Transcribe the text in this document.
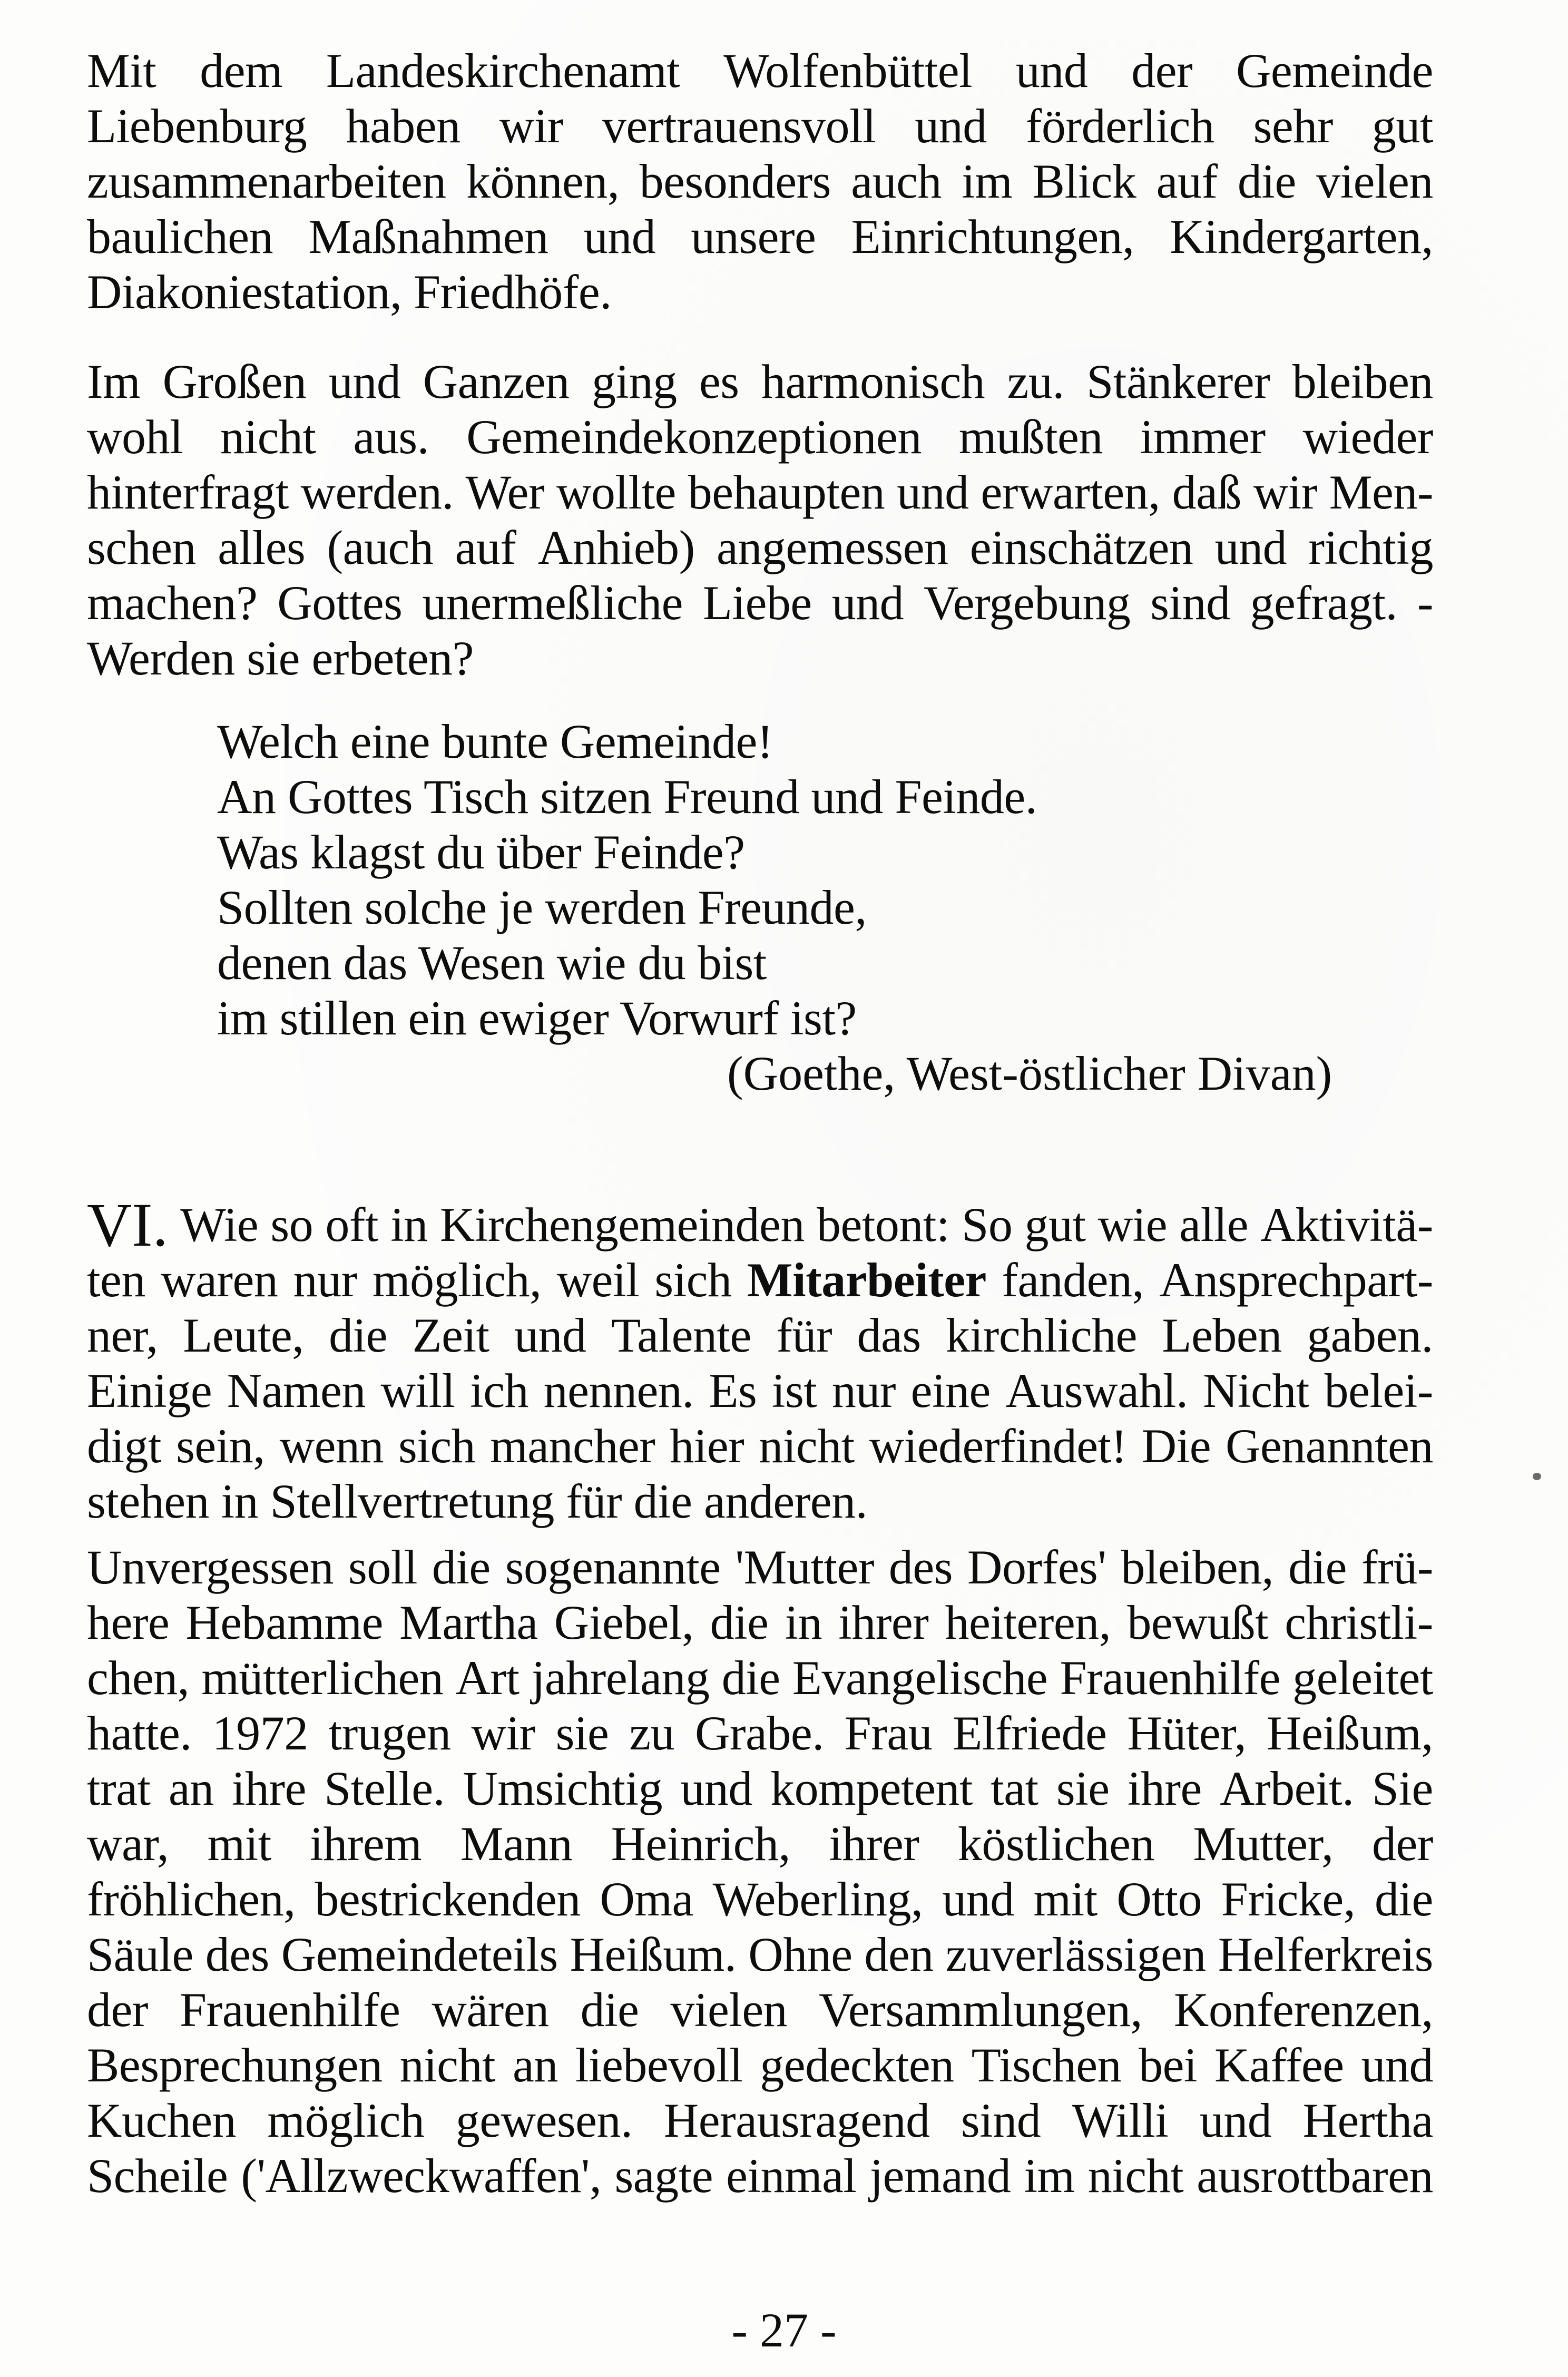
Mit dem Landeskirchenamt Wolfenbüttel und der Gemeinde
Liebenburg haben wir vertrauensvoll und förderlich sehr gut
zusammenarbeiten können, besonders auch im Blick auf die vielen
baulichen Maßnahmen und unsere Einrichtungen, Kindergarten,
Diakoniestation, Friedhöfe.
Im Großen und Ganzen ging es harmonisch zu. Stänkerer bleiben
wohl nicht aus. Gemeindekonzeptionen mußten immer wieder
hinterfragt werden. Wer wollte behaupten und erwarten, daß wir Men-
schen alles (auch auf Anhieb) angemessen einschätzen und richtig
machen? Gottes unermeßliche Liebe und Vergebung sind gefragt. -
Werden sie erbeten?
Welch eine bunte Gemeinde!
An Gottes Tisch sitzen Freund und Feinde.
Was klagst du über Feinde?
Sollten solche je werden Freunde,
denen das Wesen wie du bist
im stillen ein ewiger Vorwurf ist?
(Goethe, West-östlicher Divan)
VI. Wie so oft in Kirchengemeinden betont: So gut wie alle Aktivitä-
ten waren nur möglich, weil sich Mitarbeiter fanden, Ansprechpart-
ner, Leute, die Zeit und Talente für das kirchliche Leben gaben.
Einige Namen will ich nennen. Es ist nur eine Auswahl. Nicht belei-
digt sein, wenn sich mancher hier nicht wiederfindet! Die Genannten
stehen in Stellvertretung für die anderen.
Unvergessen soll die sogenannte 'Mutter des Dorfes' bleiben, die frü-
here Hebamme Martha Giebel, die in ihrer heiteren, bewußt christli-
chen, mütterlichen Art jahrelang die Evangelische Frauenhilfe geleitet
hatte. 1972 trugen wir sie zu Grabe. Frau Elfriede Hüter, Heißum,
trat an ihre Stelle. Umsichtig und kompetent tat sie ihre Arbeit. Sie
war, mit ihrem Mann Heinrich, ihrer köstlichen Mutter, der
fröhlichen, bestrickenden Oma Weberling, und mit Otto Fricke, die
Säule des Gemeindeteils Heißum. Ohne den zuverlässigen Helferkreis
der Frauenhilfe wären die vielen Versammlungen, Konferenzen,
Besprechungen nicht an liebevoll gedeckten Tischen bei Kaffee und
Kuchen möglich gewesen. Herausragend sind Willi und Hertha
Scheile ('Allzweckwaffen', sagte einmal jemand im nicht ausrottbaren
- 27 -
